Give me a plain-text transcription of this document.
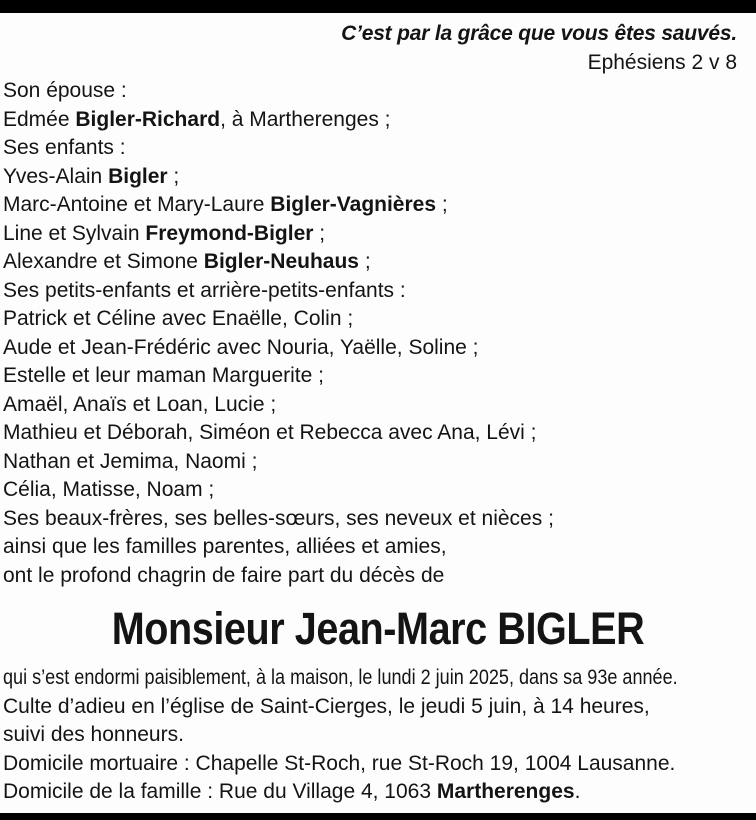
C’est par la grâce que vous êtes sauvés.
Ephésiens 2 v 8
Son épouse :
Edmée Bigler-Richard, à Martherenges ;
Ses enfants :
Yves-Alain Bigler ;
Marc-Antoine et Mary-Laure Bigler-Vagnières ;
Line et Sylvain Freymond-Bigler ;
Alexandre et Simone Bigler-Neuhaus ;
Ses petits-enfants et arrière-petits-enfants :
Patrick et Céline avec Enaëlle, Colin ;
Aude et Jean-Frédéric avec Nouria, Yaëlle, Soline ;
Estelle et leur maman Marguerite ;
Amaël, Anaïs et Loan, Lucie ;
Mathieu et Déborah, Siméon et Rebecca avec Ana, Lévi ;
Nathan et Jemima, Naomi ;
Célia, Matisse, Noam ;
Ses beaux-frères, ses belles-sœurs, ses neveux et nièces ;
ainsi que les familles parentes, alliées et amies,
ont le profond chagrin de faire part du décès de
Monsieur Jean-Marc BIGLER
qui s’est endormi paisiblement, à la maison, le lundi 2 juin 2025, dans sa 93e année.
Culte d’adieu en l’église de Saint-Cierges, le jeudi 5 juin, à 14 heures,
suivi des honneurs.
Domicile mortuaire : Chapelle St-Roch, rue St-Roch 19, 1004 Lausanne.
Domicile de la famille : Rue du Village 4, 1063 Martherenges.
